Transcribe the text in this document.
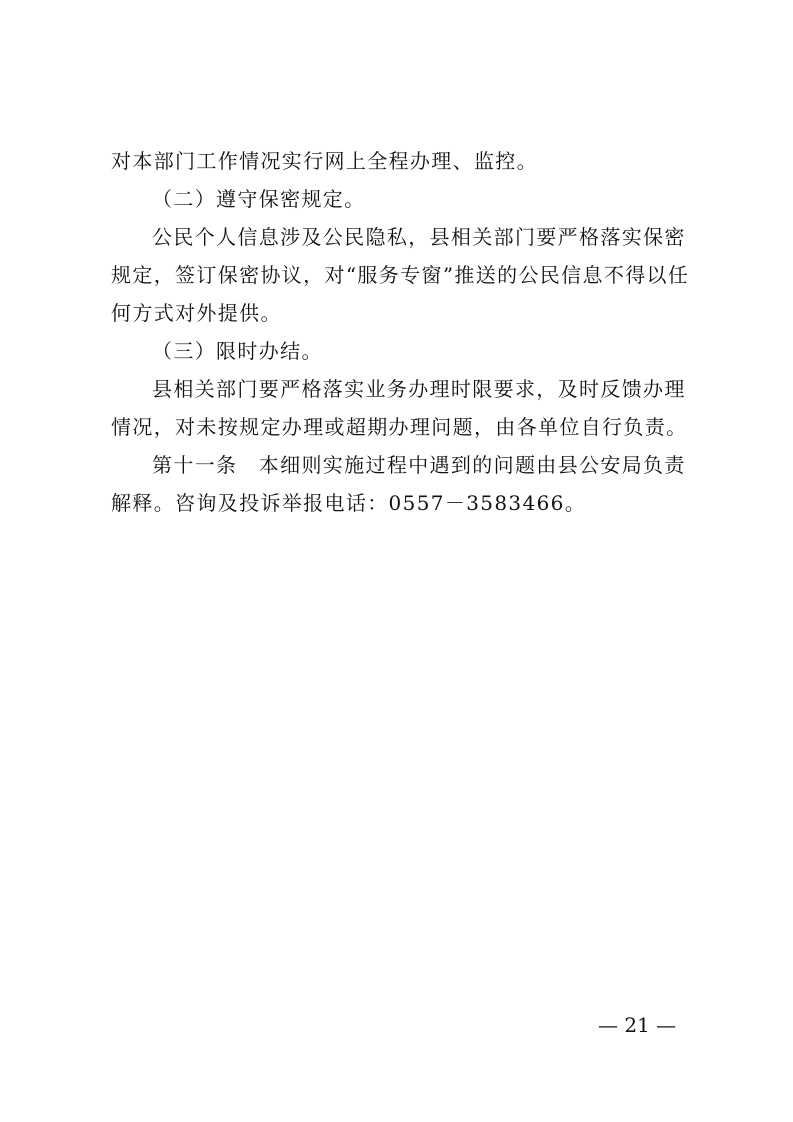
对本部门工作情况实行网上全程办理、监控。
（二）遵守保密规定。
公民个人信息涉及公民隐私，县相关部门要严格落实保密
规定，签订保密协议，对“服务专窗”推送的公民信息不得以任
何方式对外提供。
（三）限时办结。
县相关部门要严格落实业务办理时限要求，及时反馈办理
情况，对未按规定办理或超期办理问题，由各单位自行负责。
第十一条　本细则实施过程中遇到的问题由县公安局负责
解释。咨询及投诉举报电话：0557－3583466。
— 21 —
